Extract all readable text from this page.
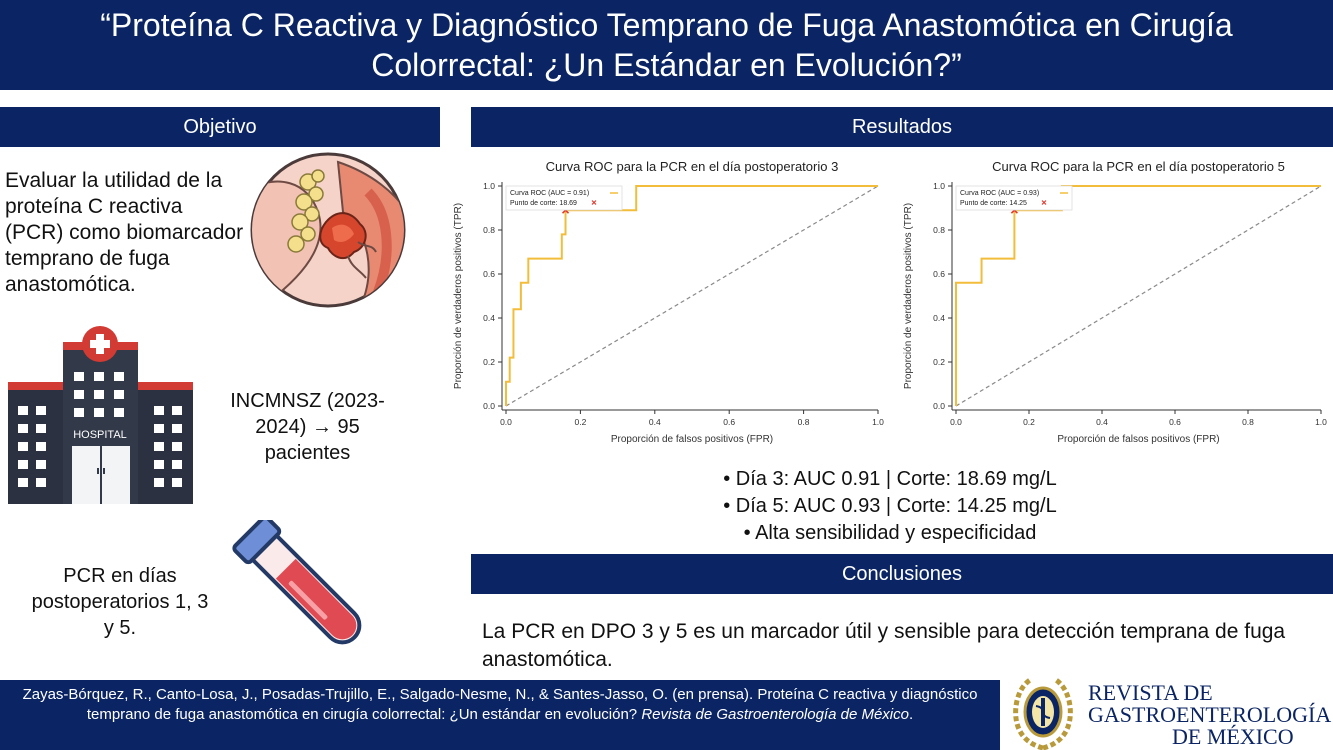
“Proteína C Reactiva y Diagnóstico Temprano de Fuga Anastomótica en Cirugía
Colorrectal: ¿Un Estándar en Evolución?”
Objetivo	Resultados
Conclusiones
Evaluar la utilidad de la proteína C reactiva (PCR) como biomarcador temprano de fuga anastomótica.
HOSPITAL
INCMNSZ (2023-2024) → 95 pacientes
PCR en días postoperatorios 1, 3 y 5.
Curva ROC para la PCR en el día postoperatorio 3
0.0	0.2	0.4	0.6	0.8	1.0
0.0
0.2
0.4
0.6
0.8
1.0
Proporción de falsos positivos (FPR)
Proporción de verdaderos positivos (TPR)
Curva ROC (AUC = 0.91)
Punto de corte: 18.69
Curva ROC para la PCR en el día postoperatorio 5
0.0	0.2	0.4	0.6	0.8	1.0
0.0
0.2
0.4
0.6
0.8
1.0
Proporción de falsos positivos (FPR)
Proporción de verdaderos positivos (TPR)
Curva ROC (AUC = 0.93)
Punto de corte: 14.25
• Día 3: AUC 0.91 | Corte: 18.69 mg/L
• Día 5: AUC 0.93 | Corte: 14.25 mg/L
• Alta sensibilidad y especificidad
La PCR en DPO 3 y 5 es un marcador útil y sensible para detección temprana de fuga anastomótica.
Zayas-Bórquez, R., Canto-Losa, J., Posadas-Trujillo, E., Salgado-Nesme, N., & Santes-Jasso, O. (en prensa). Proteína C reactiva y diagnóstico temprano de fuga anastomótica en cirugía colorrectal: ¿Un estándar en evolución? Revista de Gastroenterología de México.
REVISTA DE
GASTROENTEROLOGÍA
DE MÉXICO
